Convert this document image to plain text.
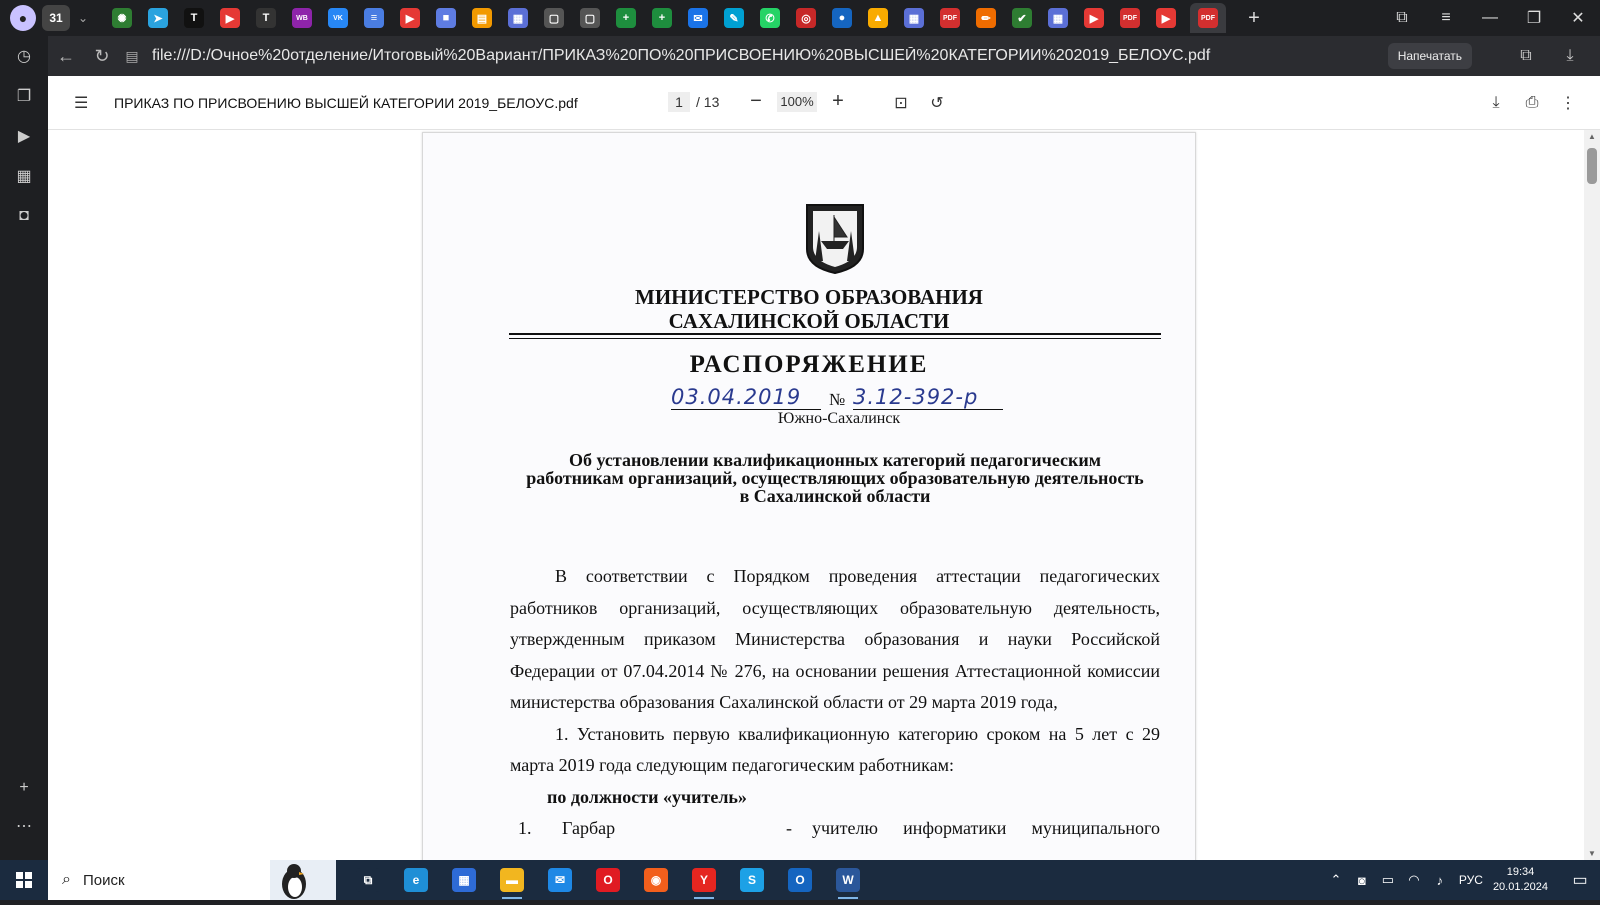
●	31	⌄	✺	➤	T	▶	T	WB	VK	≡	▶	■	▤	▦	▢	▢	+	+	✉	✎	✆	◎	●	▲	▦	PDF	✏	✔	▦	▶	PDF	▶	PDF	+	⧉	≡	—	❐	✕
◷
❐
▶
▦
◘
+
⋯
←	↻	▤ file:///D:/Очное%20отделение/Итоговый%20Вариант/ПРИКАЗ%20ПО%20ПРИСВОЕНИЮ%20ВЫСШЕЙ%20КАТЕГОРИИ%202019_БЕЛОУС.pdf	Напечатать	⧉	⤓
☰	ПРИКАЗ ПО ПРИСВОЕНИЮ ВЫСШЕЙ КАТЕГОРИИ 2019_БЕЛОУС.pdf	1 / 13	−	100% +	⊡	↺	⤓	⎙	⋮
МИНИСТЕРСТВО ОБРАЗОВАНИЯ
САХАЛИНСКОЙ ОБЛАСТИ
РАСПОРЯЖЕНИЕ
03.04.2019	№ 3.12-392-р
Южно-Сахалинск
Об установлении квалификационных категорий педагогическим
работникам организаций, осуществляющих образовательную деятельность
в Сахалинской области

В соответствии с Порядком проведения аттестации педагогических работников организаций, осуществляющих образовательную деятельность, утвержденным приказом Министерства образования и науки Российской Федерации от 07.04.2014 № 276, на основании решения Аттестационной комиссии министерства образования Сахалинской области от 29 марта 2019 года,

1. Установить первую квалификационную категорию сроком на 5 лет с 29 марта 2019 года следующим педагогическим работникам:

по должности «учитель»

1.	Гарбар	-	учителю информатики муниципального
▲
▼
⌕ Поиск	⧉	e	▦	▬	✉	O	◉	Y	S	O	W	⌃	◙	▭	◠	♪	РУС
19:34
20.01.2024	▭
